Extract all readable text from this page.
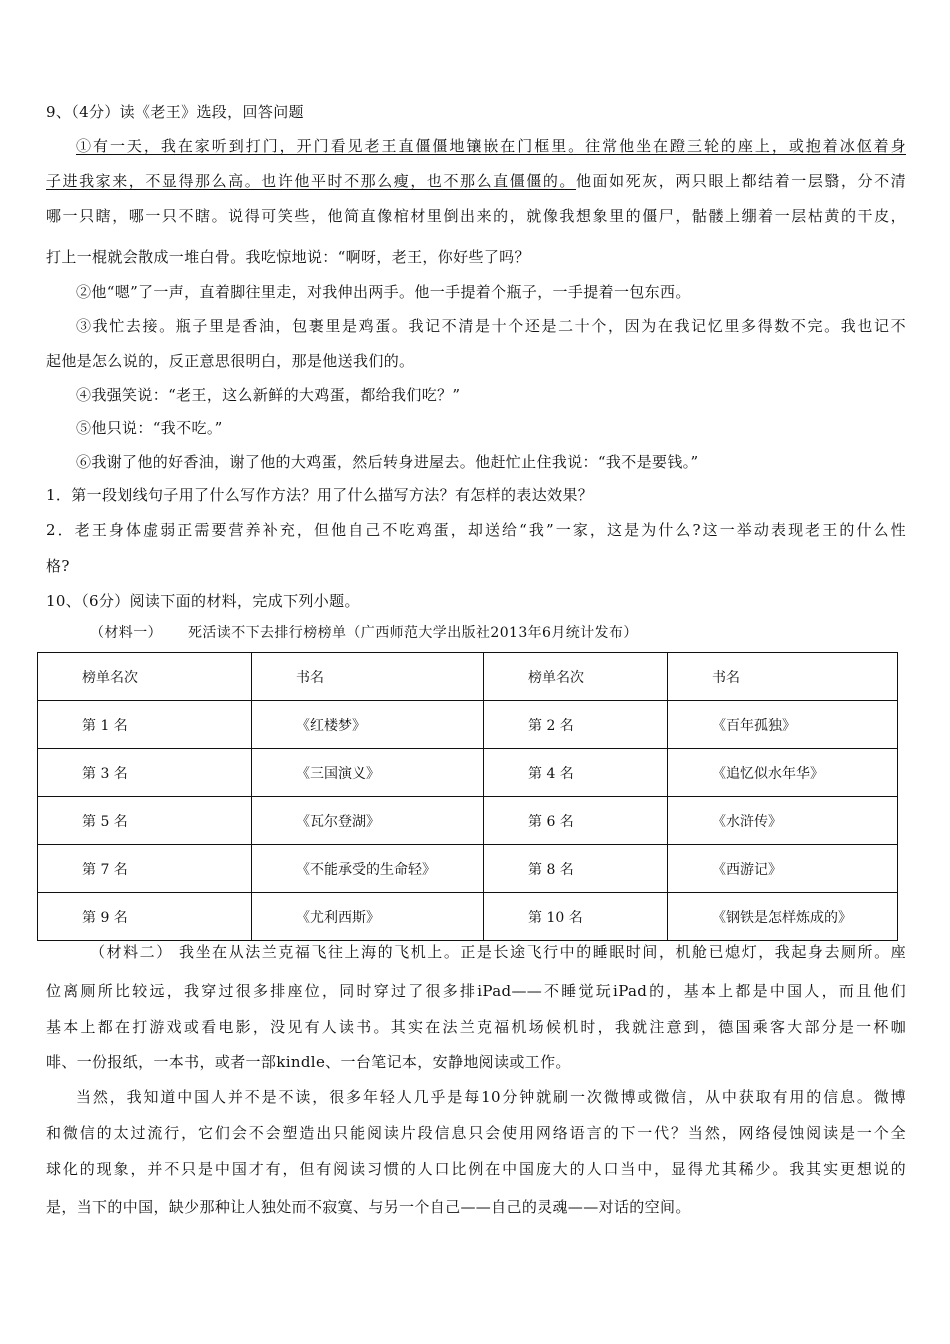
9、（4分）读《老王》选段，回答问题
①有一天，我在家听到打门，开门看见老王直僵僵地镶嵌在门框里。往常他坐在蹬三轮的座上，或抱着冰伛着身
子进我家来，不显得那么高。也许他平时不那么瘦，也不那么直僵僵的。他面如死灰，两只眼上都结着一层翳，分不清
哪一只瞎，哪一只不瞎。说得可笑些，他简直像棺材里倒出来的，就像我想象里的僵尸，骷髅上绷着一层枯黄的干皮，
打上一棍就会散成一堆白骨。我吃惊地说：“啊呀，老王，你好些了吗？
②他“嗯”了一声，直着脚往里走，对我伸出两手。他一手提着个瓶子，一手提着一包东西。
③我忙去接。瓶子里是香油，包裹里是鸡蛋。我记不清是十个还是二十个，因为在我记忆里多得数不完。我也记不
起他是怎么说的，反正意思很明白，那是他送我们的。
④我强笑说：“老王，这么新鲜的大鸡蛋，都给我们吃？”
⑤他只说：“我不吃。”
⑥我谢了他的好香油，谢了他的大鸡蛋，然后转身进屋去。他赶忙止住我说：“我不是要钱。”
1．第一段划线句子用了什么写作方法？用了什么描写方法？有怎样的表达效果？
2．老王身体虚弱正需要营养补充，但他自己不吃鸡蛋，却送给“我”一家，这是为什么?这一举动表现老王的什么性
格?
10、（6分）阅读下面的材料，完成下列小题。
（材料一） 死活读不下去排行榜榜单（广西师范大学出版社2013年6月统计发布）
榜单名次	书名	榜单名次	书名
第 1 名	《红楼梦》	第 2 名	《百年孤独》
第 3 名	《三国演义》	第 4 名	《追忆似水年华》
第 5 名	《瓦尔登湖》	第 6 名	《水浒传》
第 7 名	《不能承受的生命轻》	第 8 名	《西游记》
第 9 名	《尤利西斯》	第 10 名	《钢铁是怎样炼成的》
（材料二） 我坐在从法兰克福飞往上海的飞机上。正是长途飞行中的睡眠时间，机舱已熄灯，我起身去厕所。座
位离厕所比较远，我穿过很多排座位，同时穿过了很多排iPad——不睡觉玩iPad的，基本上都是中国人，而且他们
基本上都在打游戏或看电影，没见有人读书。其实在法兰克福机场候机时，我就注意到，德国乘客大部分是一杯咖
啡、一份报纸，一本书，或者一部kindle、一台笔记本，安静地阅读或工作。
当然，我知道中国人并不是不读，很多年轻人几乎是每10分钟就刷一次微博或微信，从中获取有用的信息。微博
和微信的太过流行，它们会不会塑造出只能阅读片段信息只会使用网络语言的下一代？当然，网络侵蚀阅读是一个全
球化的现象，并不只是中国才有，但有阅读习惯的人口比例在中国庞大的人口当中，显得尤其稀少。我其实更想说的
是，当下的中国，缺少那种让人独处而不寂寞、与另一个自己——自己的灵魂——对话的空间。
